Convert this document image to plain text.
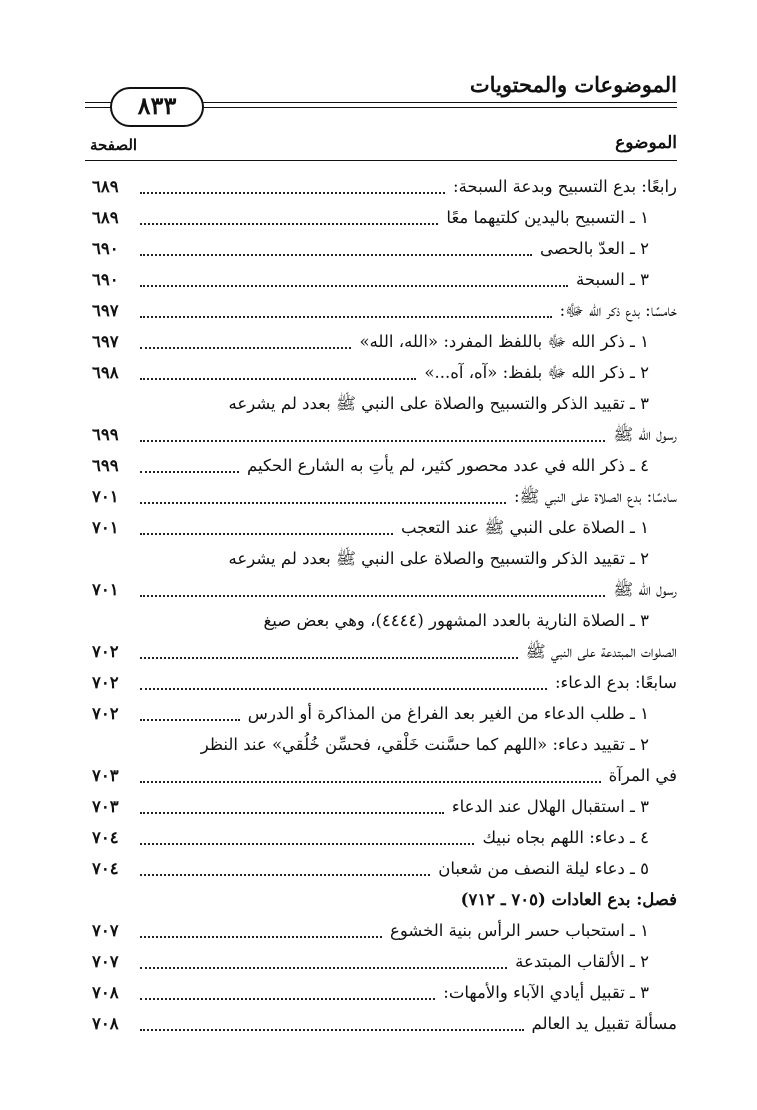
الموضوعات والمحتويات
٨٣٣
الموضوع
الصفحة
رابعًا: بدع التسبيح وبدعة السبحة:
٦٨٩
١ ـ التسبيح باليدين كلتيهما معًا
٦٨٩
٢ ـ العدّ بالحصى
٦٩٠
٣ ـ السبحة
٦٩٠
خامسًا: بدع ذكر الله ﷻ:
٦٩٧
١ ـ ذكر الله ﷻ باللفظ المفرد: «الله، الله»
٦٩٧
٢ ـ ذكر الله ﷻ بلفظ: «آه، آه...»
٦٩٨
٣ ـ تقييد الذكر والتسبيح والصلاة على النبي ﷺ بعدد لم يشرعه
رسول الله ﷺ
٦٩٩
٤ ـ ذكر الله في عدد محصور كثير، لم يأتِ به الشارع الحكيم
٦٩٩
سادسًا: بدع الصلاة على النبي ﷺ:
٧٠١
١ ـ الصلاة على النبي ﷺ عند التعجب
٧٠١
٢ ـ تقييد الذكر والتسبيح والصلاة على النبي ﷺ بعدد لم يشرعه
رسول الله ﷺ
٧٠١
٣ ـ الصلاة النارية بالعدد المشهور (٤٤٤٤)، وهي بعض صيغ
الصلوات المبتدعة على النبي ﷺ
٧٠٢
سابعًا: بدع الدعاء:
٧٠٢
١ ـ طلب الدعاء من الغير بعد الفراغ من المذاكرة أو الدرس
٧٠٢
٢ ـ تقييد دعاء: «اللهم كما حسَّنت خَلْقي، فحسِّن خُلُقي» عند النظر
في المرآة
٧٠٣
٣ ـ استقبال الهلال عند الدعاء
٧٠٣
٤ ـ دعاء: اللهم بجاه نبيك
٧٠٤
٥ ـ دعاء ليلة النصف من شعبان
٧٠٤
فصل: بدع العادات (٧٠٥ ـ ٧١٢)
١ ـ استحباب حسر الرأس بنية الخشوع
٧٠٧
٢ ـ الألقاب المبتدعة
٧٠٧
٣ ـ تقبيل أيادي الآباء والأمهات:
٧٠٨
مسألة تقبيل يد العالم
٧٠٨
